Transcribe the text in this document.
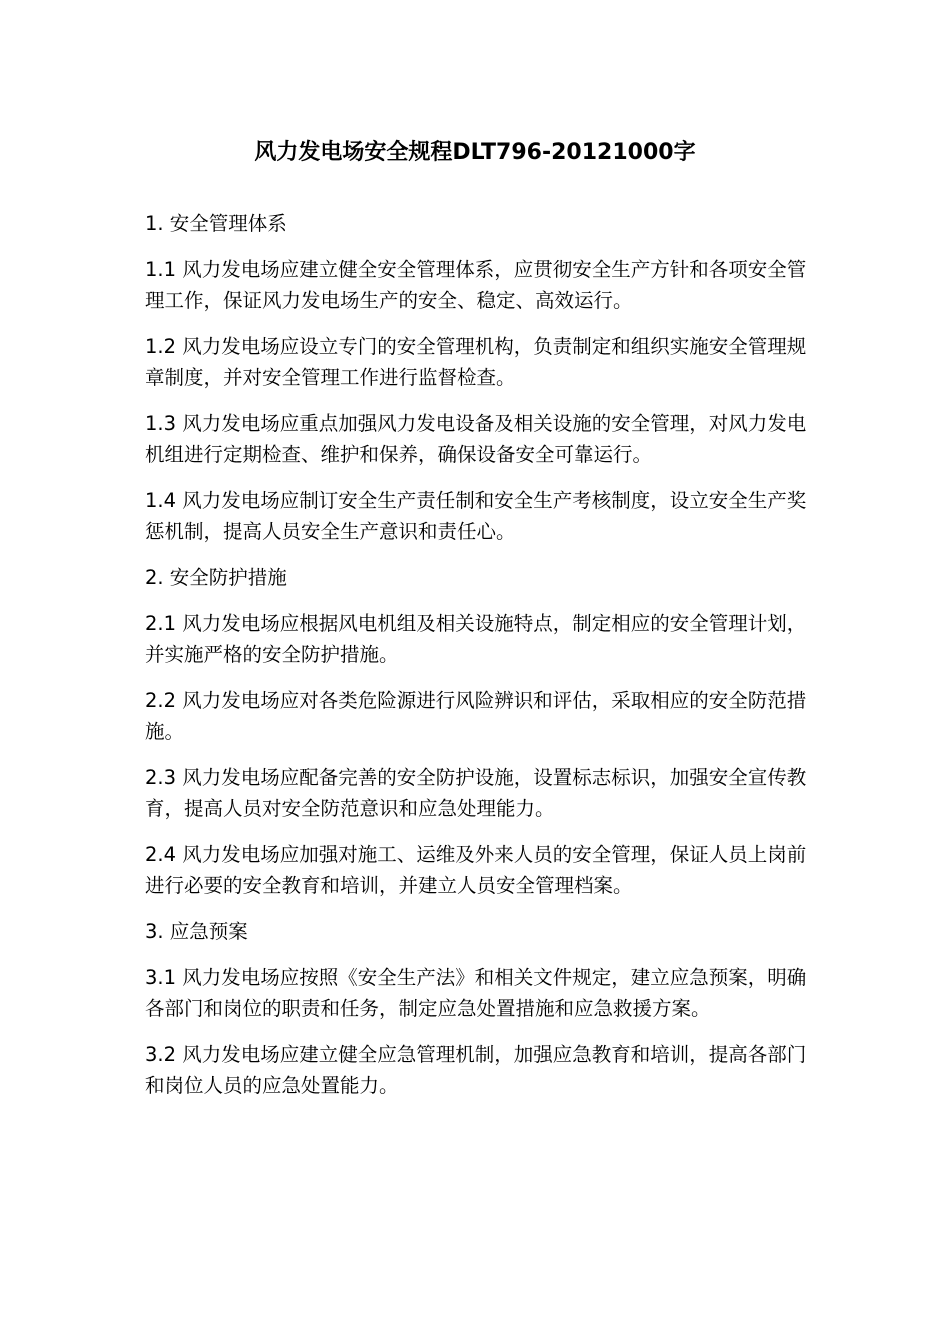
风力发电场安全规程DLT796-20121000字

1. 安全管理体系

1.1 风力发电场应建立健全安全管理体系，应贯彻安全生产方针和各项安全管理工作，保证风力发电场生产的安全、稳定、高效运行。

1.2 风力发电场应设立专门的安全管理机构，负责制定和组织实施安全管理规章制度，并对安全管理工作进行监督检查。

1.3 风力发电场应重点加强风力发电设备及相关设施的安全管理，对风力发电机组进行定期检查、维护和保养，确保设备安全可靠运行。

1.4 风力发电场应制订安全生产责任制和安全生产考核制度，设立安全生产奖惩机制，提高人员安全生产意识和责任心。

2. 安全防护措施

2.1 风力发电场应根据风电机组及相关设施特点，制定相应的安全管理计划，并实施严格的安全防护措施。

2.2 风力发电场应对各类危险源进行风险辨识和评估，采取相应的安全防范措施。

2.3 风力发电场应配备完善的安全防护设施，设置标志标识，加强安全宣传教育，提高人员对安全防范意识和应急处理能力。

2.4 风力发电场应加强对施工、运维及外来人员的安全管理，保证人员上岗前进行必要的安全教育和培训，并建立人员安全管理档案。

3. 应急预案

3.1 风力发电场应按照《安全生产法》和相关文件规定，建立应急预案，明确各部门和岗位的职责和任务，制定应急处置措施和应急救援方案。

3.2 风力发电场应建立健全应急管理机制，加强应急教育和培训，提高各部门和岗位人员的应急处置能力。
